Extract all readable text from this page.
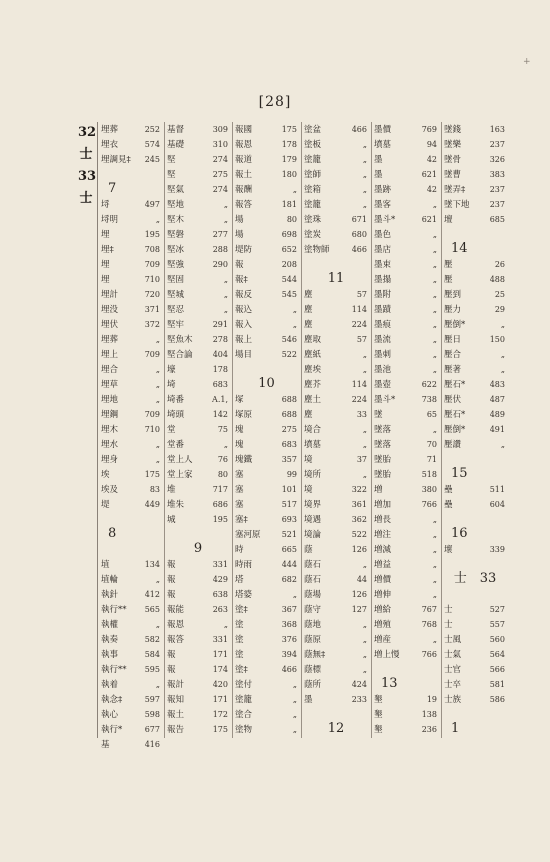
+
[28]
32
士
33
士
埋葬	252
埋衣	574
埋調見‡ 245
埒	497
埒明	„
埋	195
埋‡	708
埋	709
埋	710
埋計	720
埋没	371
埋伏	372
埋葬	„
埋上	709
埋合	„
埋草	„
埋地	„
埋鋼	709
埋木	710
埋水	„
埋身	„
埃	175
埃及	83
堤	449
埴	134
埴輪	„
執針	412
執行** 565
執權	„
執奏	582
執事	584
執行** 595
執着	„
執念‡	597
執心	598
執行*	677
基	416
7
8
基督	309
基礎	310
堅	274
堅	275
堅氣	274
堅地	„
堅木	„
堅磐	277
堅冰	288
堅強	290
堅固	„
堅城	„
堅忍	„
堅牢	291
堅魚木	278
堅合論	404
壕	178
埼	683
埼番	A.1,
埼頭	142
堂	75
堂番	„
堂上人	76
堂上家	80
堆	717
堆朱	686
城	195
報	331
報	429
報	638
報能	263
報恩	„
報答	331
報	171
報	174
報計	420
報知	171
報土	172
報告	175
9
報國	175
報恩	178
報道	179
報土	180
報酬	„
報答	181
場	80
場	698
堤防	652
報	208
報‡	544
報反	545
報込	„
報入	„
報上	546
場目	522
塚	688
塚原	688
塊	275
塊	683
塊鐵	357
塞	99
塞	101
塞	517
塞‡	693
塞河原	521
時	665
時雨	444
塔	682
塔婆	„
塗‡	367
塗	368
塗	376
塗	394
塗‡	466
塗付	„
塗籠	„
塗合	„
塗物	„
10
塗盆	466
塗板	„
塗籠	„
塗師	„
塗箱	„
塗籠	„
塗珠	671
塗炭	680
塗物師	466
塵	57
塵	114
塵	224
塵取	57
塵紙	„
塵埃	„
塵芥	114
塵土	224
塵	33
境合	„
墳墓	„
境	37
境所	„
境	322
境界	361
境遇	362
境論	522
蔭	126
蔭石	„
蔭石	44
蔭場	126
蔭守	127
蔭地	„
蔭原	„
蔭無‡	„
蔭標	„
蔭所	424
墨	233
11
12
墨價	769
墳墓	94
墨	42
墨	621
墨跡	42
墨客	„
墨斗*	621
墨色	„
墨店	„
墨束	„
墨搨	„
墨附	„
墨蹟	„
墨痕	„
墨流	„
墨刺	„
墨池	„
墨壺	622
墨斗*	738
墜	65
墜落	„
墜落	70
墜胎	71
墜胎	518
増	380
増加	766
増長	„
増注	„
増減	„
増益	„
増價	„
増伸	„
増給	767
増殖	768
増産	„
増上慢	766
墾	19
墾	138
墾	236
13
墜錢	163
墜樂	237
墜骨	326
墜曹	383
墜弄‡	237
墜下地	237
壇	685
壓	26
壓	488
壓到	25
壓力	29
壓倒*	„
壓日	150
壓合	„
壓著	„
壓石*	483
壓伏	487
壓石*	489
壓倒*	491
壓讚	„
壘	511
壘	604
壞	339
士	527
士	557
士風	560
士氣	564
士官	566
士卒	581
士族	586
14
15
16
士　33
1
